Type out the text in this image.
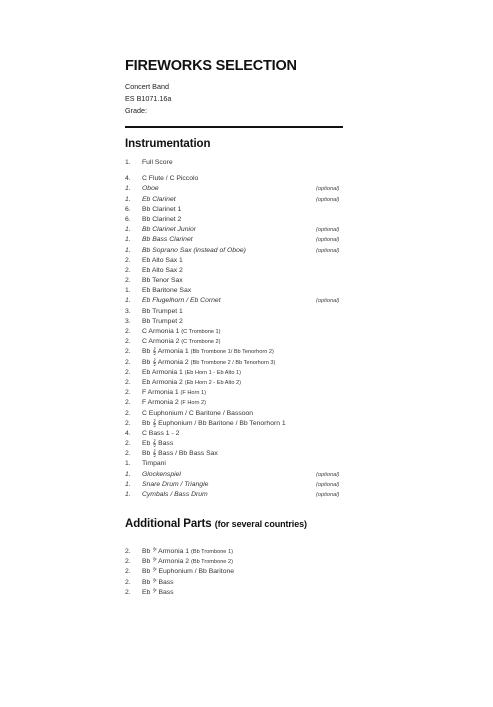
FIREWORKS SELECTION
Concert Band
ES B1071.16a
Grade:
Instrumentation
1.	Full Score
4.	C Flute / C Piccolo
1.	Oboe	(optional)
1.	Eb Clarinet	(optional)
6.	Bb Clarinet 1
6.	Bb Clarinet 2
1.	Bb Clarinet Junior	(optional)
1.	Bb Bass Clarinet	(optional)
1.	Bb Soprano Sax (instead of Oboe)	(optional)
2.	Eb Alto Sax 1
2.	Eb Alto Sax 2
2.	Bb Tenor Sax
1.	Eb Baritone Sax
1.	Eb Flugelhorn / Eb Cornet	(optional)
3.	Bb Trumpet 1
3.	Bb Trumpet 2
2.	C Armonia 1 (C Trombone 1)
2.	C Armonia 2 (C Trombone 2)
2.	Bb 𝄞 Armonia 1 (Bb Trombone 1/ Bb Tenorhorn 2)
2.	Bb 𝄞 Armonia 2 (Bb Trombone 2 / Bb Tenorhorn 3)
2.	Eb Armonia 1 (Eb Horn 1 - Eb Alto 1)
2.	Eb Armonia 2 (Eb Horn 2 - Eb Alto 2)
2.	F Armonia 1 (F Horn 1)
2.	F Armonia 2 (F Horn 2)
2.	C Euphonium / C Baritone / Bassoon
2.	Bb 𝄞 Euphonium / Bb Baritone / Bb Tenorhorn 1
4.	C Bass 1 - 2
2.	Eb 𝄞 Bass
2.	Bb 𝄞 Bass / Bb Bass Sax
1.	Timpani
1.	Glockenspiel	(optional)
1.	Snare Drum / Triangle	(optional)
1.	Cymbals / Bass Drum	(optional)
Additional Parts (for several countries)
2.	Bb 𝄢 Armonia 1 (Bb Trombone 1)
2.	Bb 𝄢 Armonia 2 (Bb Trombone 2)
2.	Bb 𝄢 Euphonium / Bb Baritone
2.	Bb 𝄢 Bass
2.	Eb 𝄢 Bass
